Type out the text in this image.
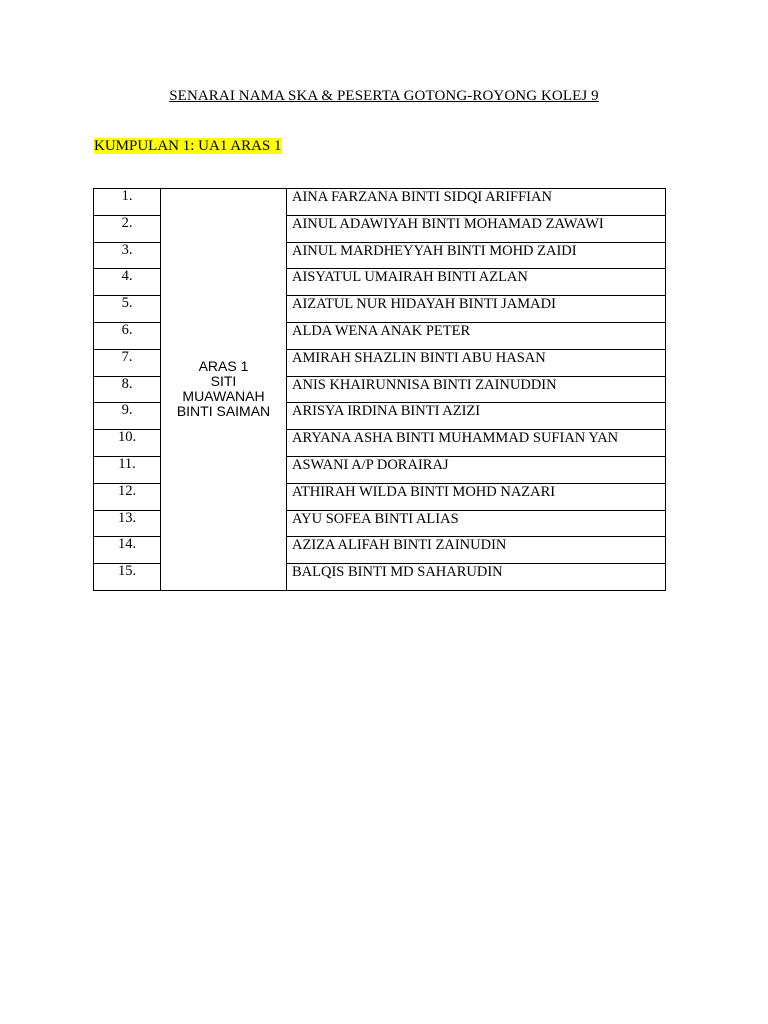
SENARAI NAMA SKA & PESERTA GOTONG-ROYONG KOLEJ 9
KUMPULAN 1: UA1 ARAS 1
1.	ARAS 1
SITI
MUAWANAH
BINTI SAIMAN	AINA FARZANA BINTI SIDQI ARIFFIAN
2.		AINUL ADAWIYAH BINTI MOHAMAD ZAWAWI
3.		AINUL MARDHEYYAH BINTI MOHD ZAIDI
4.		AISYATUL UMAIRAH BINTI AZLAN
5.		AIZATUL NUR HIDAYAH BINTI JAMADI
6.		ALDA WENA ANAK PETER
7.		AMIRAH SHAZLIN BINTI ABU HASAN
8.		ANIS KHAIRUNNISA BINTI ZAINUDDIN
9.		ARISYA IRDINA BINTI AZIZI
10.		ARYANA ASHA BINTI MUHAMMAD SUFIAN YAN
11.		ASWANI A/P DORAIRAJ
12.		ATHIRAH WILDA BINTI MOHD NAZARI
13.		AYU SOFEA BINTI ALIAS
14.		AZIZA ALIFAH BINTI ZAINUDIN
15.		BALQIS BINTI MD SAHARUDIN
